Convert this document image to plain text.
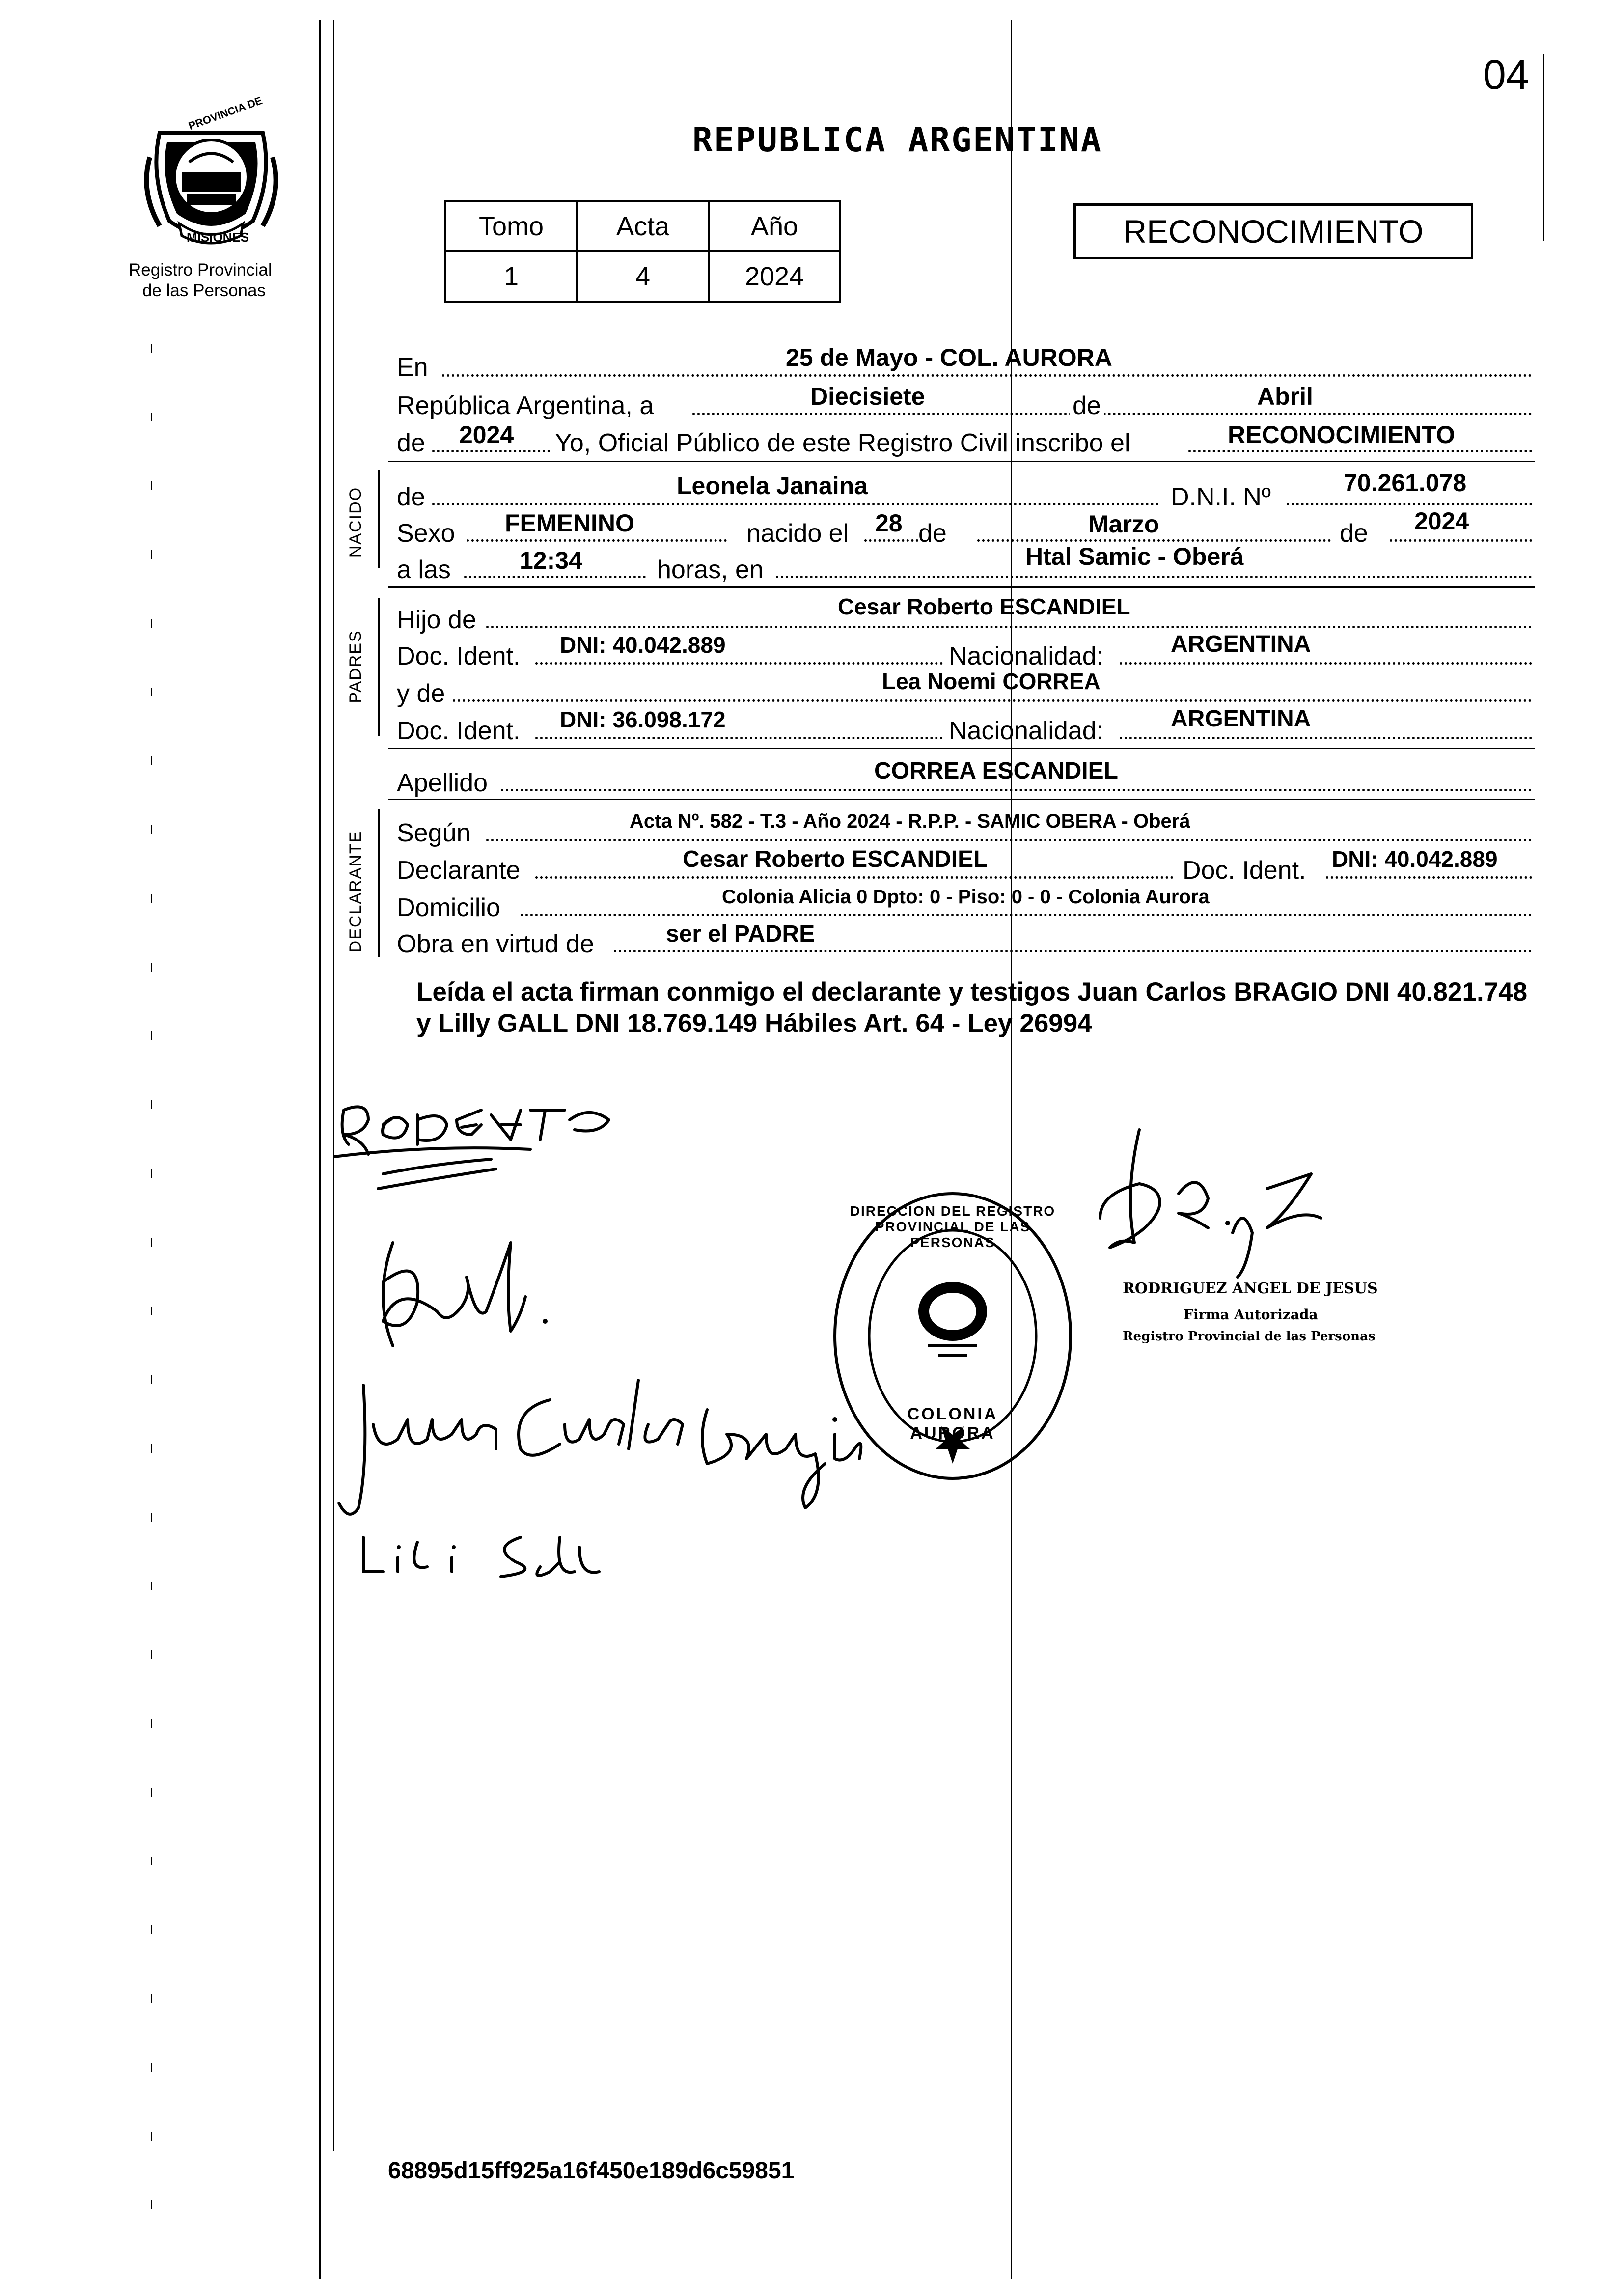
04
PROVINCIA DE
MISIONES
Registro Provincial
de las Personas
REPUBLICA ARGENTINA
Tomo	Acta	Año
1	4	2024
RECONOCIMIENTO
En	25 de Mayo - COL. AURORA
República Argentina, a	Diecisiete	de	Abril
de 2024 Yo, Oficial Público de este Registro Civil inscribo el	RECONOCIMIENTO
NACIDO de	Leonela Janaina	D.N.I. Nº	70.261.078
Sexo FEMENINO	nacido el 28 de	Marzo	de 2024
a las	12:34	horas, en	Htal Samic - Oberá
PADRES
Hijo de	Cesar Roberto ESCANDIEL
Doc. Ident. DNI: 40.042.889	Nacionalidad:	ARGENTINA
y de	Lea Noemi CORREA
Doc. Ident. DNI: 36.098.172	Nacionalidad:	ARGENTINA
Apellido	CORREA ESCANDIEL
DECLARANTE Según	Acta Nº. 582 - T.3 - Año 2024 - R.P.P. - SAMIC OBERA - Oberá
Declarante	Cesar Roberto ESCANDIEL	Doc. Ident. DNI: 40.042.889
Domicilio	Colonia Alicia 0 Dpto: 0 - Piso: 0 - 0 - Colonia Aurora
Obra en virtud de	ser el PADRE
Leída el acta firman conmigo el declarante y testigos Juan Carlos BRAGIO DNI 40.821.748 y Lilly GALL DNI 18.769.149 Hábiles Art. 64 - Ley 26994
DIRECCION DEL REGISTRO PROVINCIAL DE LAS PERSONAS
COLONIA AURORA
RODRIGUEZ ANGEL DE JESUS
Firma Autorizada
Registro Provincial de las Personas
68895d15ff925a16f450e189d6c59851
